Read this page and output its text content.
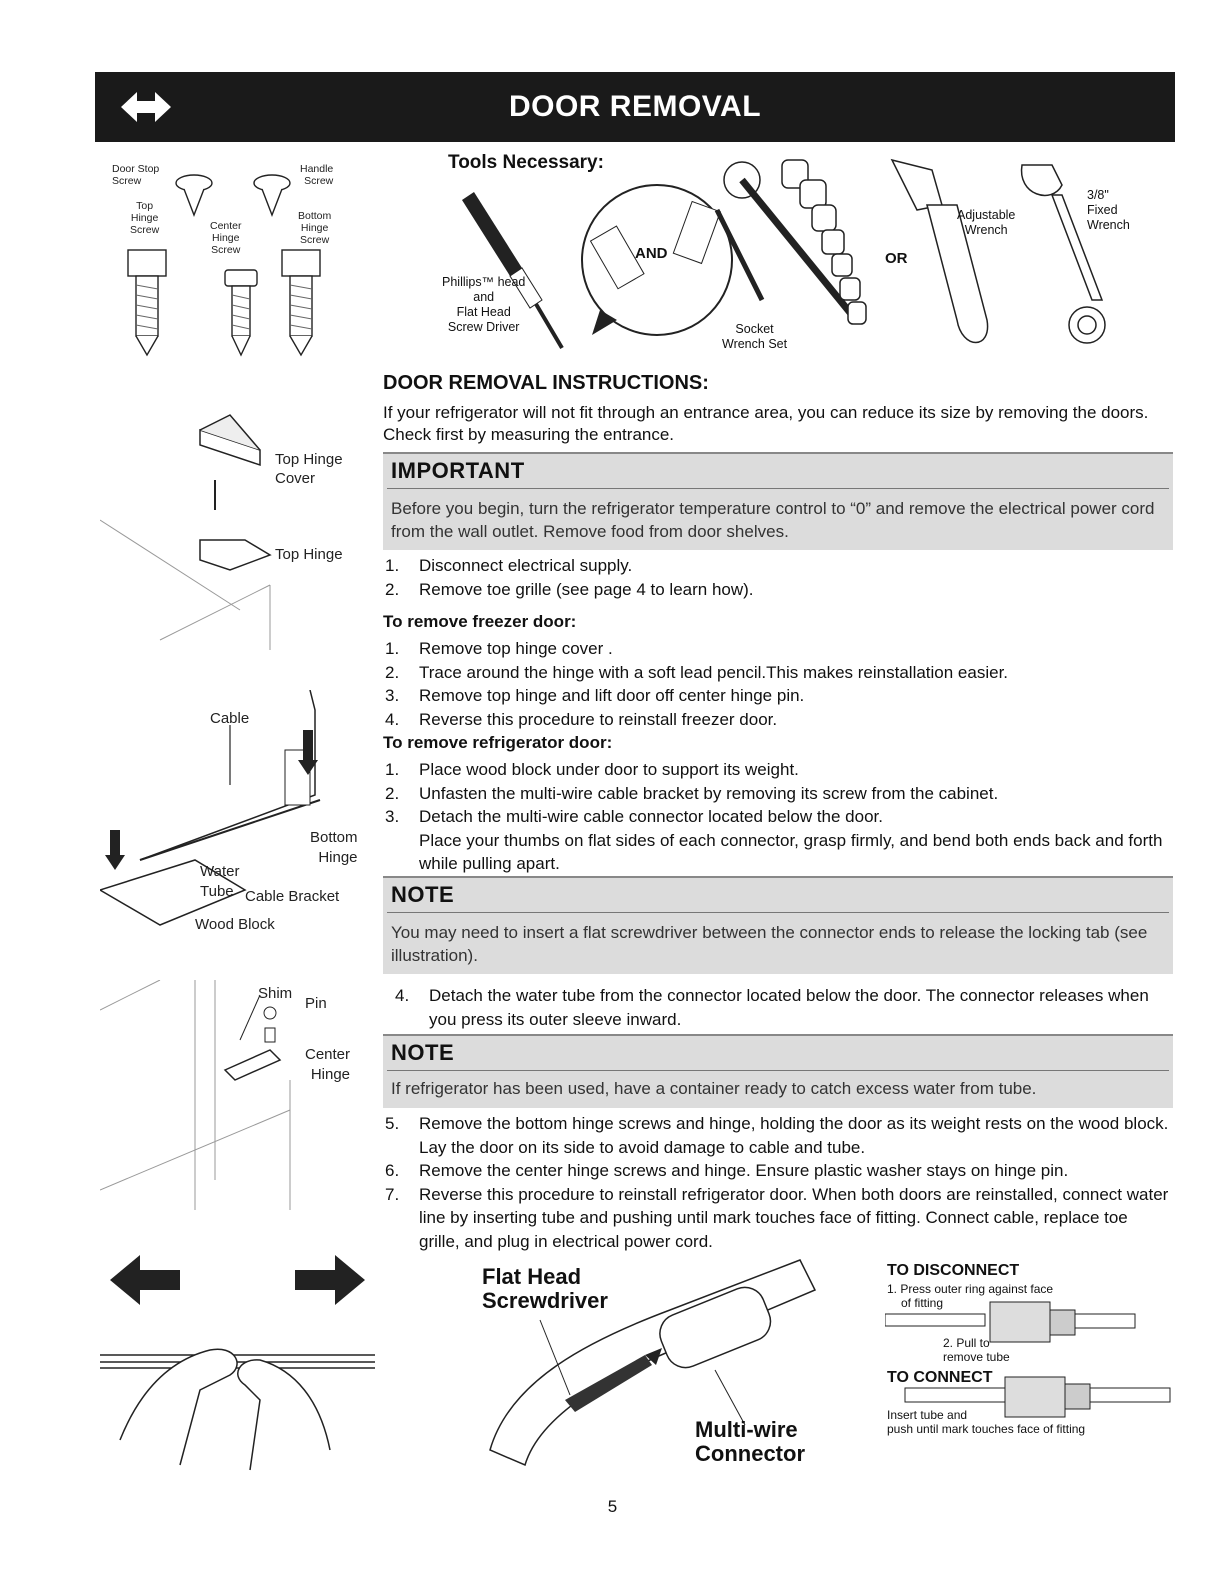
DOOR REMOVAL
Door Stop
Screw
Handle
Screw
Top
Hinge
Screw	Center
Hinge
Screw
Bottom
Hinge
Screw
Tools Necessary:
Phillips™ head
and
Flat Head
Screw Driver
AND
Socket
Wrench Set
OR
Adjustable
Wrench
3/8"
Fixed
Wrench
Top Hinge
Cover
Top Hinge
Cable
Bottom
Hinge
Water
Tube Cable Bracket
Wood Block
Shim
Pin
Center
Hinge
DOOR REMOVAL INSTRUCTIONS:
If your refrigerator will not fit through an entrance area, you can reduce its size by removing the doors. Check first by measuring the entrance.
IMPORTANT
Before you begin, turn the refrigerator temperature control to “0” and remove the electrical power cord from the wall outlet. Remove food from door shelves.
1. Disconnect electrical supply.
2. Remove toe grille (see page 4 to learn how).
To remove freezer door:
1. Remove top hinge cover .
2. Trace around the hinge with a soft lead pencil.This makes reinstallation easier.
3. Remove top hinge and lift door off center hinge pin.
4. Reverse this procedure to reinstall freezer door.
To remove refrigerator door:
1. Place wood block under door to support its weight.
2. Unfasten the multi-wire cable bracket by removing its screw from the cabinet.
3. Detach the multi-wire cable connector located below the door.
Place your thumbs on flat sides of each connector, grasp firmly, and bend both ends back and forth while pulling apart.
NOTE
You may need to insert a flat screwdriver between the connector ends to release the locking tab (see illustration).
4. Detach the water tube from the connector located below the door. The connector releases when you press its outer sleeve inward.
NOTE
If refrigerator has been used, have a container ready to catch excess water from tube.
5. Remove the bottom hinge screws and hinge, holding the door as its weight rests on the wood block. Lay the door on its side to avoid damage to cable and tube.
6. Remove the center hinge screws and hinge. Ensure plastic washer stays on hinge pin.
7. Reverse this procedure to reinstall refrigerator door. When both doors are reinstalled, connect water line by inserting tube and pushing until mark touches face of fitting. Connect cable, replace toe grille, and plug in electrical power cord.
Flat Head
Screwdriver
Multi-wire
Connector
TO DISCONNECT
1. Press outer ring against face
of fitting
2. Pull to
remove tube
TO CONNECT
Insert tube and
push until mark touches face of fitting
5
